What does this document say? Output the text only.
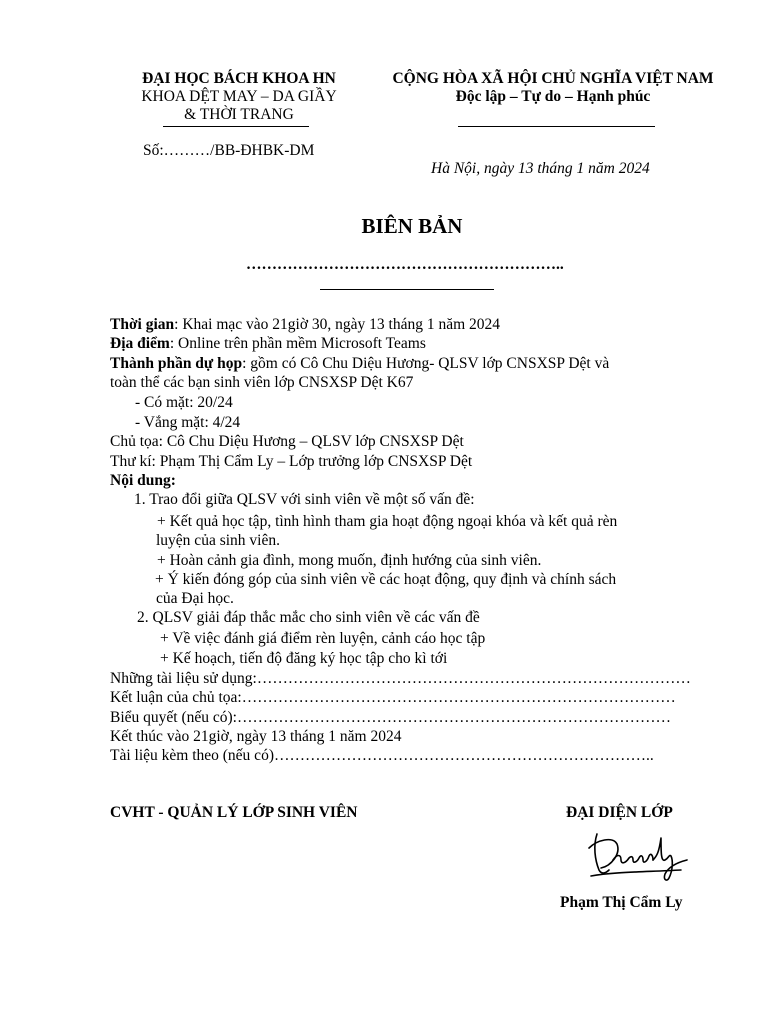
ĐẠI HỌC BÁCH KHOA HN
KHOA DỆT MAY – DA GIẦY
& THỜI TRANG
Số:………/BB-ĐHBK-DM
CỘNG HÒA XÃ HỘI CHỦ NGHĨA VIỆT NAM
Độc lập – Tự do – Hạnh phúc
Hà Nội, ngày 13 tháng 1 năm 2024
BIÊN BẢN
……………………………………………………..
Thời gian: Khai mạc vào 21giờ 30, ngày 13 tháng 1 năm 2024
Địa điểm: Online trên phần mềm Microsoft Teams
Thành phần dự họp: gồm có Cô Chu Diệu Hương- QLSV lớp CNSXSP Dệt và
toàn thể các bạn sinh viên lớp CNSXSP Dệt K67
- Có mặt: 20/24
- Vắng mặt: 4/24
Chủ tọa: Cô Chu Diệu Hương – QLSV lớp CNSXSP Dệt
Thư kí: Phạm Thị Cẩm Ly – Lớp trưởng lớp CNSXSP Dệt
Nội dung:
1. Trao đổi giữa QLSV với sinh viên về một số vấn đề:
+ Kết quả học tập, tình hình tham gia hoạt động ngoại khóa và kết quả rèn
luyện của sinh viên.
+ Hoàn cảnh gia đình, mong muốn, định hướng của sinh viên.
+ Ý kiến đóng góp của sinh viên về các hoạt động, quy định và chính sách
của Đại học.
2. QLSV giải đáp thắc mắc cho sinh viên về các vấn đề
+ Về việc đánh giá điểm rèn luyện, cảnh cáo học tập
+ Kế hoạch, tiến độ đăng ký học tập cho kì tới
Những tài liệu sử dụng:…………………………………………………………………………
Kết luận của chủ tọa:…………………………………………………………………………
Biểu quyết (nếu có):…………………………………………………………………………
Kết thúc vào 21giờ, ngày 13 tháng 1 năm 2024
Tài liệu kèm theo (nếu có)………………………………………………………………..
CVHT - QUẢN LÝ LỚP SINH VIÊN	ĐẠI DIỆN LỚP
Phạm Thị Cẩm Ly
